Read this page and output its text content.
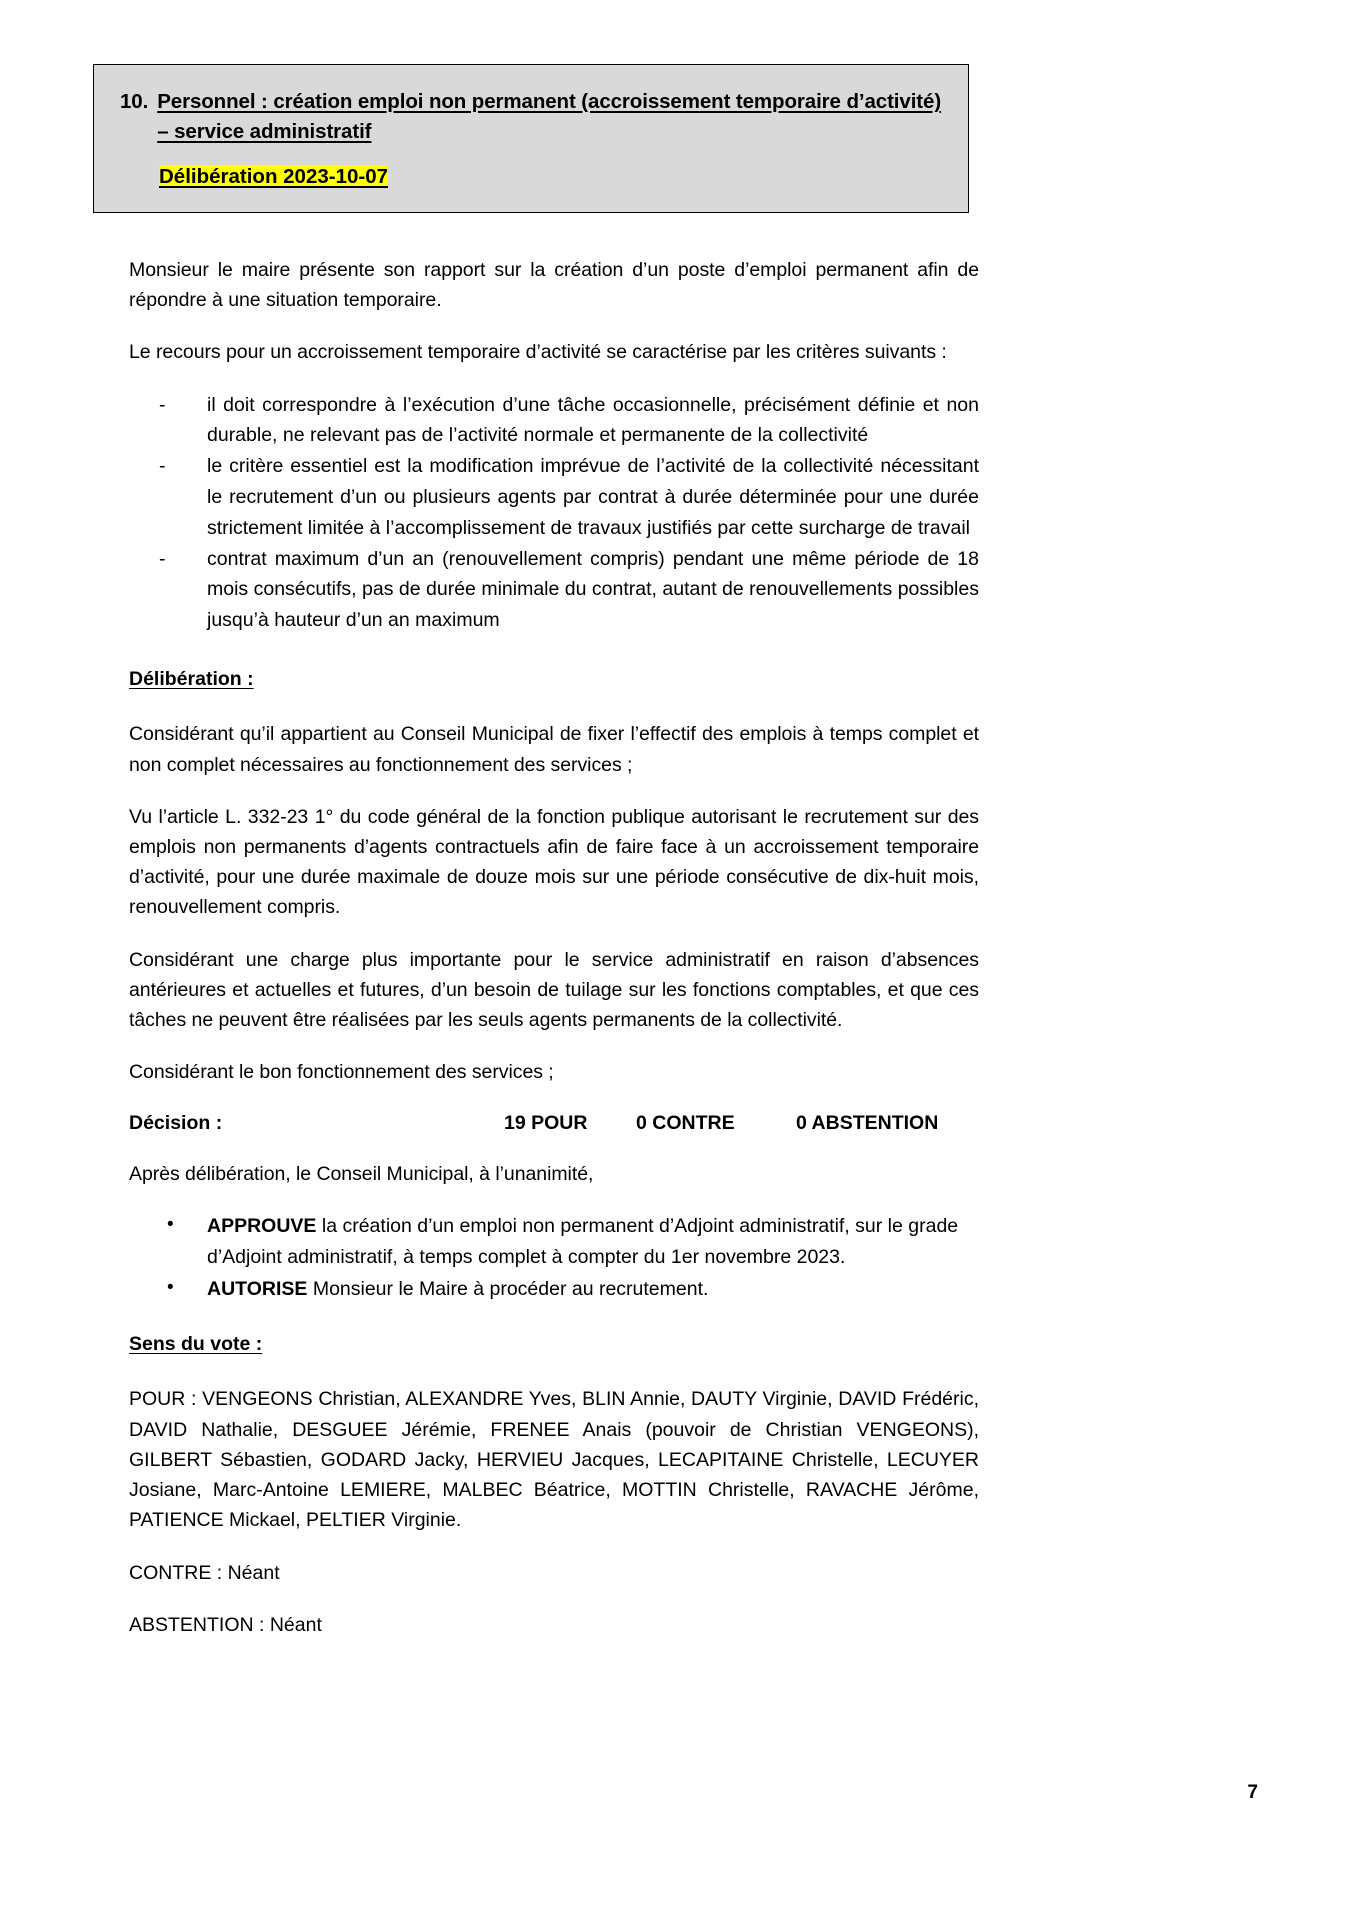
10. Personnel : création emploi non permanent (accroissement temporaire d’activité) – service administratif
Délibération 2023-10-07

Monsieur le maire présente son rapport sur la création d’un poste d’emploi permanent afin de répondre à une situation temporaire.

Le recours pour un accroissement temporaire d’activité se caractérise par les critères suivants :

- il doit correspondre à l’exécution d’une tâche occasionnelle, précisément définie et non durable, ne relevant pas de l’activité normale et permanente de la collectivité
- le critère essentiel est la modification imprévue de l’activité de la collectivité nécessitant le recrutement d’un ou plusieurs agents par contrat à durée déterminée pour une durée strictement limitée à l’accomplissement de travaux justifiés par cette surcharge de travail
- contrat maximum d’un an (renouvellement compris) pendant une même période de 18 mois consécutifs, pas de durée minimale du contrat, autant de renouvellements possibles jusqu’à hauteur d’un an maximum
Délibération :

Considérant qu’il appartient au Conseil Municipal de fixer l’effectif des emplois à temps complet et non complet nécessaires au fonctionnement des services ;

Vu l’article L. 332-23 1° du code général de la fonction publique autorisant le recrutement sur des emplois non permanents d’agents contractuels afin de faire face à un accroissement temporaire d’activité, pour une durée maximale de douze mois sur une période consécutive de dix-huit mois, renouvellement compris.

Considérant une charge plus importante pour le service administratif en raison d’absences antérieures et actuelles et futures, d’un besoin de tuilage sur les fonctions comptables, et que ces tâches ne peuvent être réalisées par les seuls agents permanents de la collectivité.

Considérant le bon fonctionnement des services ;

Décision :	19 POUR	0 CONTRE	0 ABSTENTION

Après délibération, le Conseil Municipal, à l’unanimité,

• APPROUVE la création d’un emploi non permanent d’Adjoint administratif, sur le grade d’Adjoint administratif, à temps complet à compter du 1er novembre 2023.
• AUTORISE Monsieur le Maire à procéder au recrutement.
Sens du vote :

POUR : VENGEONS Christian, ALEXANDRE Yves, BLIN Annie, DAUTY Virginie, DAVID Frédéric, DAVID Nathalie, DESGUEE Jérémie, FRENEE Anais (pouvoir de Christian VENGEONS), GILBERT Sébastien, GODARD Jacky, HERVIEU Jacques, LECAPITAINE Christelle, LECUYER Josiane, Marc-Antoine LEMIERE, MALBEC Béatrice, MOTTIN Christelle, RAVACHE Jérôme, PATIENCE Mickael, PELTIER Virginie.

CONTRE : Néant

ABSTENTION : Néant

7
